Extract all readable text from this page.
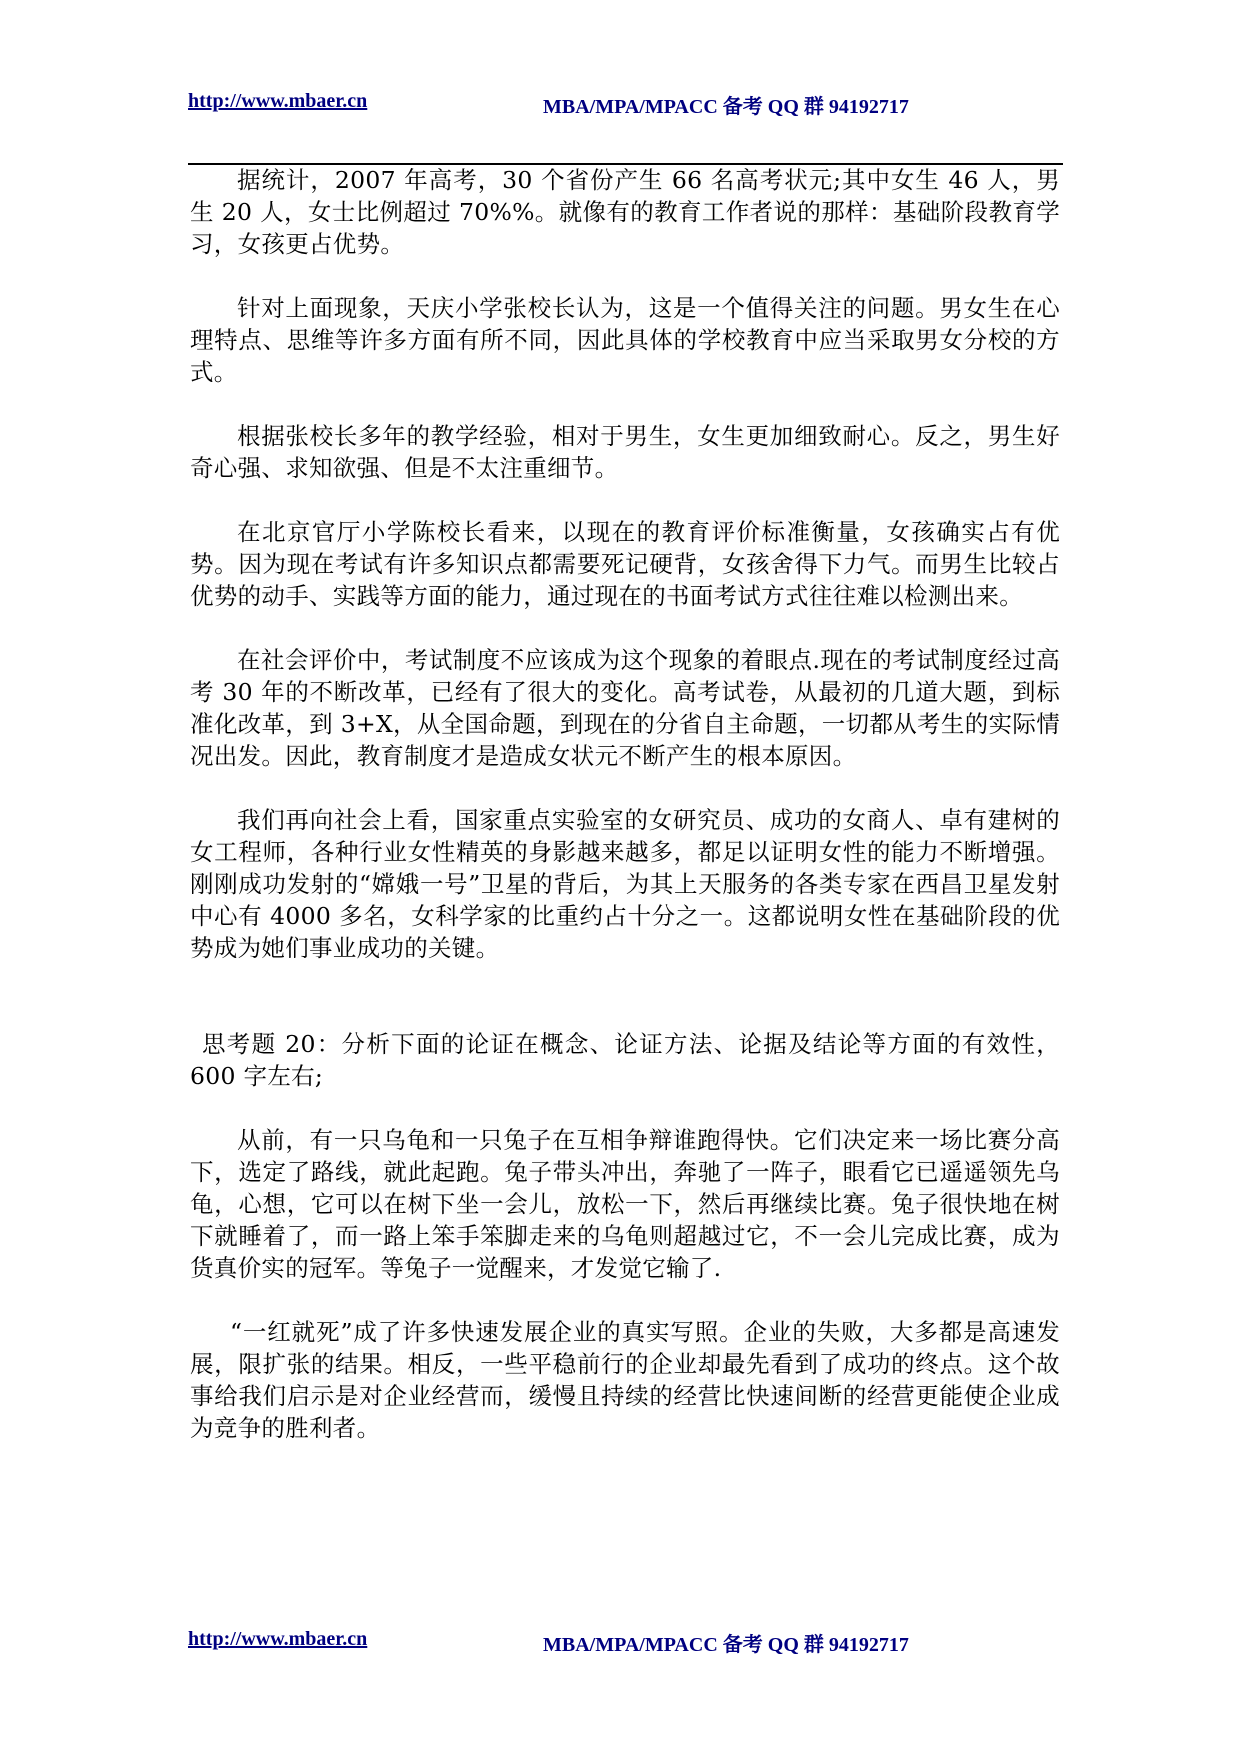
http://www.mbaer.cn	MBA/MPA/MPACC 备考 QQ 群 94192717

据统计，2007 年高考，30 个省份产生 66 名高考状元;其中女生 46 人，男生 20 人，女士比例超过 70%%。就像有的教育工作者说的那样：基础阶段教育学习，女孩更占优势。

针对上面现象，天庆小学张校长认为，这是一个值得关注的问题。男女生在心理特点、思维等许多方面有所不同，因此具体的学校教育中应当采取男女分校的方式。

根据张校长多年的教学经验，相对于男生，女生更加细致耐心。反之，男生好奇心强、求知欲强、但是不太注重细节。

在北京官厅小学陈校长看来，以现在的教育评价标准衡量，女孩确实占有优势。因为现在考试有许多知识点都需要死记硬背，女孩舍得下力气。而男生比较占优势的动手、实践等方面的能力，通过现在的书面考试方式往往难以检测出来。

在社会评价中，考试制度不应该成为这个现象的着眼点.现在的考试制度经过高考 30 年的不断改革，已经有了很大的变化。高考试卷，从最初的几道大题，到标准化改革，到 3+X，从全国命题，到现在的分省自主命题，一切都从考生的实际情况出发。因此，教育制度才是造成女状元不断产生的根本原因。

我们再向社会上看，国家重点实验室的女研究员、成功的女商人、卓有建树的女工程师，各种行业女性精英的身影越来越多，都足以证明女性的能力不断增强。刚刚成功发射的“嫦娥一号”卫星的背后，为其上天服务的各类专家在西昌卫星发射中心有 4000 多名，女科学家的比重约占十分之一。这都说明女性在基础阶段的优势成为她们事业成功的关键。

思考题 20：分析下面的论证在概念、论证方法、论据及结论等方面的有效性，600 字左右;

从前，有一只乌龟和一只兔子在互相争辩谁跑得快。它们决定来一场比赛分高下，选定了路线，就此起跑。兔子带头冲出，奔驰了一阵子，眼看它已遥遥领先乌龟，心想，它可以在树下坐一会儿，放松一下，然后再继续比赛。兔子很快地在树下就睡着了，而一路上笨手笨脚走来的乌龟则超越过它，不一会儿完成比赛，成为货真价实的冠军。等兔子一觉醒来，才发觉它输了.

“一红就死”成了许多快速发展企业的真实写照。企业的失败，大多都是高速发展，限扩张的结果。相反，一些平稳前行的企业却最先看到了成功的终点。这个故事给我们启示是对企业经营而，缓慢且持续的经营比快速间断的经营更能使企业成为竞争的胜利者。

http://www.mbaer.cn	MBA/MPA/MPACC 备考 QQ 群 94192717
